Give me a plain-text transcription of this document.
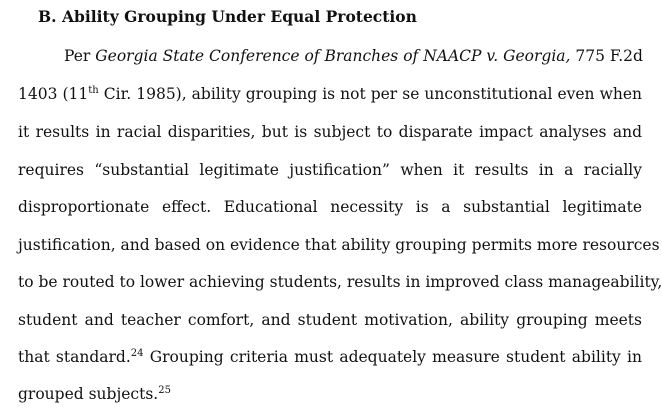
B. Ability Grouping Under Equal Protection
Per Georgia State Conference of Branches of NAACP v. Georgia, 775 F.2d
1403 (11th Cir. 1985), ability grouping is not per se unconstitutional even when
it results in racial disparities, but is subject to disparate impact analyses and
requires “substantial legitimate justification” when it results in a racially
disproportionate effect. Educational necessity is a substantial legitimate
justification, and based on evidence that ability grouping permits more resources
to be routed to lower achieving students, results in improved class manageability,
student and teacher comfort, and student motivation, ability grouping meets
that standard.$^{24}$ Grouping criteria must adequately measure student ability in
grouped subjects.$^{25}$
